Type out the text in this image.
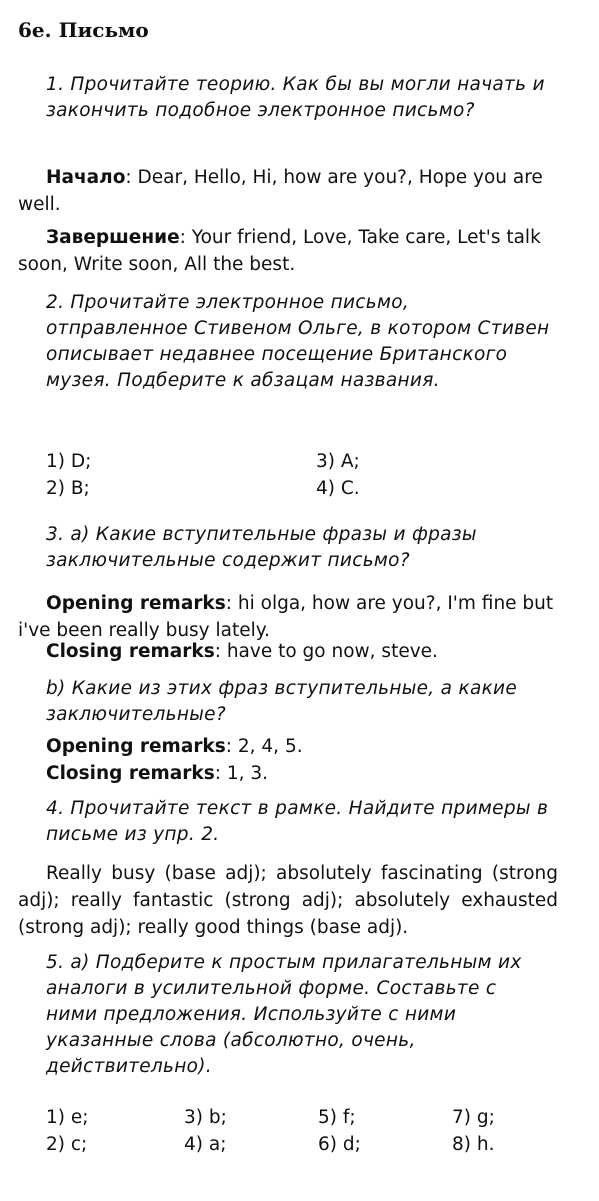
6е. Письмо
1. Прочитайте теорию. Как бы вы могли начать и закончить подобное электронное письмо?
Начало: Dear, Hello, Hi, how are you?, Hope you are well.
Завершение: Your friend, Love, Take care, Let's talk soon, Write soon, All the best.
2. Прочитайте электронное письмо, отправленное Стивеном Ольге, в котором Стивен описывает недавнее посещение Британского музея. Подберите к абзацам названия.
1) D;
2) B;
3) A;
4) C.
3. а) Какие вступительные фразы и фразы заключительные содержит письмо?
Opening remarks: hi olga, how are you?, I'm fine but i've been really busy lately.
Closing remarks: have to go now, steve.
b) Какие из этих фраз вступительные, а какие заключительные?
Opening remarks: 2, 4, 5.
Closing remarks: 1, 3.
4. Прочитайте текст в рамке. Найдите примеры в письме из упр. 2.
Really busy (base adj); absolutely fascinating (strong adj); really fantastic (strong adj); absolutely exhausted (strong adj); really good things (base adj).
5. а) Подберите к простым прилагательным их аналоги в усилительной форме. Составьте с ними предложения. Используйте с ними указанные слова (абсолютно, очень, действительно).
1) e;
2) c;
3) b;
4) a;
5) f;
6) d;
7) g;
8) h.
